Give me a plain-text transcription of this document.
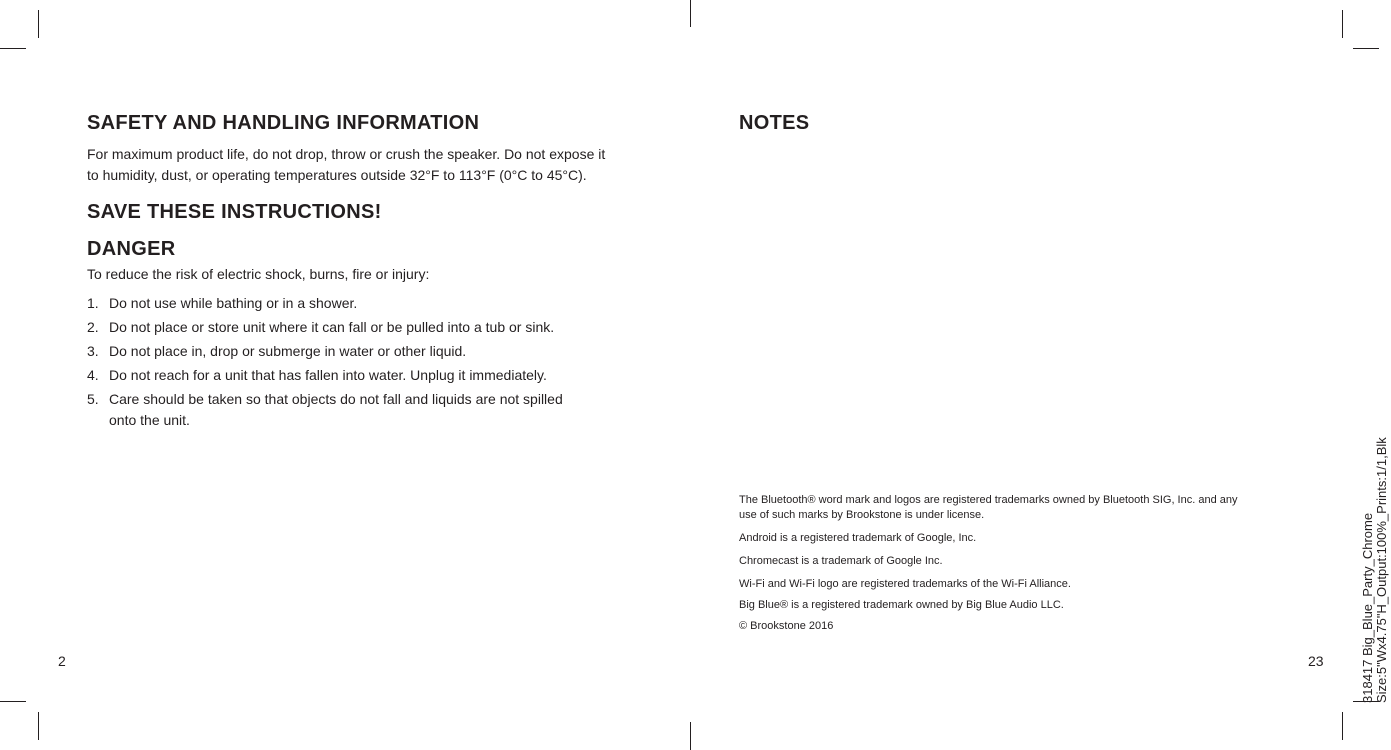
SAFETY AND HANDLING INFORMATION

For maximum product life, do not drop, throw or crush the speaker. Do not expose it
to humidity, dust, or operating temperatures outside 32°F to 113°F (0°C to 45°C).

SAVE THESE INSTRUCTIONS!
DANGER

To reduce the risk of electric shock, burns, fire or injury:

1. Do not use while bathing or in a shower.
2. Do not place or store unit where it can fall or be pulled into a tub or sink.
3. Do not place in, drop or submerge in water or other liquid.
4. Do not reach for a unit that has fallen into water. Unplug it immediately.
5. Care should be taken so that objects do not fall and liquids are not spilled
onto the unit.
2
NOTES

The Bluetooth® word mark and logos are registered trademarks owned by Bluetooth SIG, Inc. and any
use of such marks by Brookstone is under license.

Android is a registered trademark of Google, Inc.

Chromecast is a trademark of Google Inc.

Wi-Fi and Wi-Fi logo are registered trademarks of the Wi-Fi Alliance.

Big Blue® is a registered trademark owned by Big Blue Audio LLC.

© Brookstone 2016

23	318417 Big_Blue_Party_Chrome Size:5"Wx4.75"H_Output:100%_Prints:1/1,Blk
